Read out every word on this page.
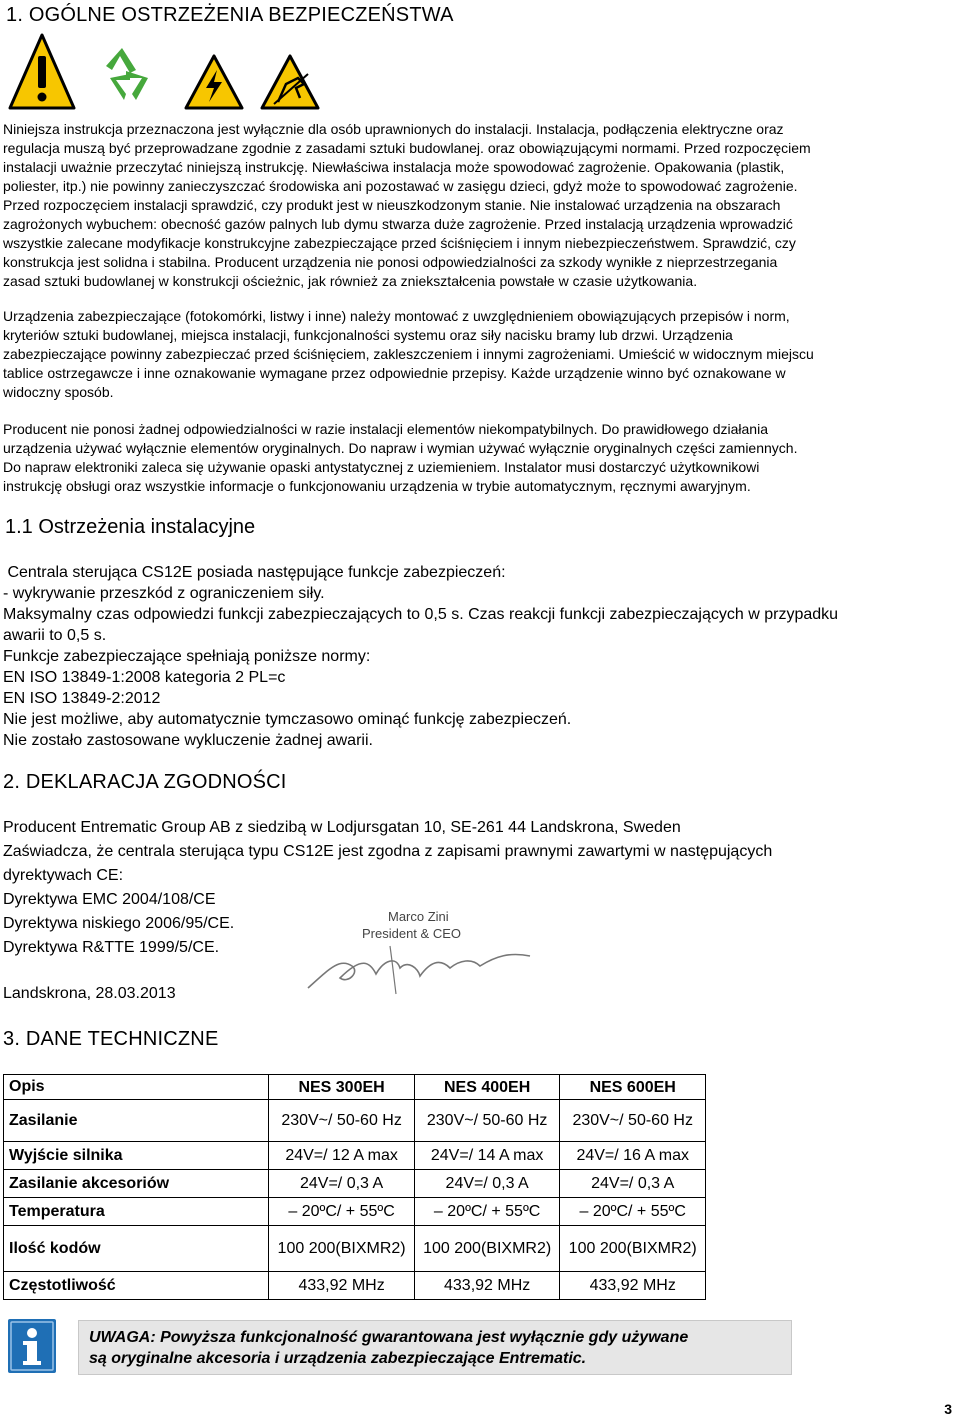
1. OGÓLNE OSTRZEŻENIA BEZPIECZEŃSTWA
Niniejsza instrukcja przeznaczona jest wyłącznie dla osób uprawnionych do instalacji. Instalacja, podłączenia elektryczne oraz
regulacja muszą być przeprowadzane zgodnie z zasadami sztuki budowlanej. oraz obowiązującymi normami. Przed rozpoczęciem
instalacji uważnie przeczytać niniejszą instrukcję. Niewłaściwa instalacja może spowodować zagrożenie. Opakowania (plastik,
poliester, itp.) nie powinny zanieczyszczać środowiska ani pozostawać w zasięgu dzieci, gdyż może to spowodować zagrożenie.
Przed rozpoczęciem instalacji sprawdzić, czy produkt jest w nieuszkodzonym stanie. Nie instalować urządzenia na obszarach
zagrożonych wybuchem: obecność gazów palnych lub dymu stwarza duże zagrożenie. Przed instalacją urządzenia wprowadzić
wszystkie zalecane modyfikacje konstrukcyjne zabezpieczające przed ściśnięciem i innym niebezpieczeństwem. Sprawdzić, czy
konstrukcja jest solidna i stabilna. Producent urządzenia nie ponosi odpowiedzialności za szkody wynikłe z nieprzestrzegania
zasad sztuki budowlanej w konstrukcji ościeżnic, jak również za zniekształcenia powstałe w czasie użytkowania.
Urządzenia zabezpieczające (fotokomórki, listwy i inne) należy montować z uwzględnieniem obowiązujących przepisów i norm,
kryteriów sztuki budowlanej, miejsca instalacji, funkcjonalności systemu oraz siły nacisku bramy lub drzwi. Urządzenia
zabezpieczające powinny zabezpieczać przed ściśnięciem, zakleszczeniem i innymi zagrożeniami. Umieścić w widocznym miejscu
tablice ostrzegawcze i inne oznakowanie wymagane przez odpowiednie przepisy. Każde urządzenie winno być oznakowane w
widoczny sposób.
Producent nie ponosi żadnej odpowiedzialności w razie instalacji elementów niekompatybilnych. Do prawidłowego działania
urządzenia używać wyłącznie elementów oryginalnych. Do napraw i wymian używać wyłącznie oryginalnych części zamiennych.
Do napraw elektroniki zaleca się używanie opaski antystatycznej z uziemieniem. Instalator musi dostarczyć użytkownikowi
instrukcję obsługi oraz wszystkie informacje o funkcjonowaniu urządzenia w trybie automatycznym, ręcznymi awaryjnym.
1.1 Ostrzeżenia instalacyjne
Centrala sterująca CS12E posiada następujące funkcje zabezpieczeń:
- wykrywanie przeszkód z ograniczeniem siły.
Maksymalny czas odpowiedzi funkcji zabezpieczających to 0,5 s. Czas reakcji funkcji zabezpieczających w przypadku
awarii to 0,5 s.
Funkcje zabezpieczające spełniają poniższe normy:
EN ISO 13849-1:2008 kategoria 2 PL=c
EN ISO 13849-2:2012
Nie jest możliwe, aby automatycznie tymczasowo ominąć funkcję zabezpieczeń.
Nie zostało zastosowane wykluczenie żadnej awarii.
2. DEKLARACJA ZGODNOŚCI
Producent Entrematic Group AB z siedzibą w Lodjursgatan 10, SE-261 44 Landskrona, Sweden
Zaświadcza, że centrala sterująca typu CS12E jest zgodna z zapisami prawnymi zawartymi w następujących
dyrektywach CE:
Dyrektywa EMC 2004/108/CE
Dyrektywa niskiego 2006/95/CE.
Dyrektywa R&TTE 1999/5/CE.
Marco Zini
President & CEO
Landskrona, 28.03.2013
3. DANE TECHNICZNE
Opis	NES 300EH	NES 400EH	NES 600EH
Zasilanie	230V~/ 50-60 Hz	230V~/ 50-60 Hz	230V~/ 50-60 Hz
Wyjście silnika	24V=/ 12 A max	24V=/ 14 A max	24V=/ 16 A max
Zasilanie akcesoriów	24V=/ 0,3 A	24V=/ 0,3 A	24V=/ 0,3 A
Temperatura	– 20ºC/ + 55ºC	– 20ºC/ + 55ºC	– 20ºC/ + 55ºC
Ilość kodów	100 200(BIXMR2)	100 200(BIXMR2)	100 200(BIXMR2)
Częstotliwość	433,92 MHz	433,92 MHz	433,92 MHz
UWAGA: Powyższa funkcjonalność gwarantowana jest wyłącznie gdy używane
są oryginalne akcesoria i urządzenia zabezpieczające Entrematic.
3
